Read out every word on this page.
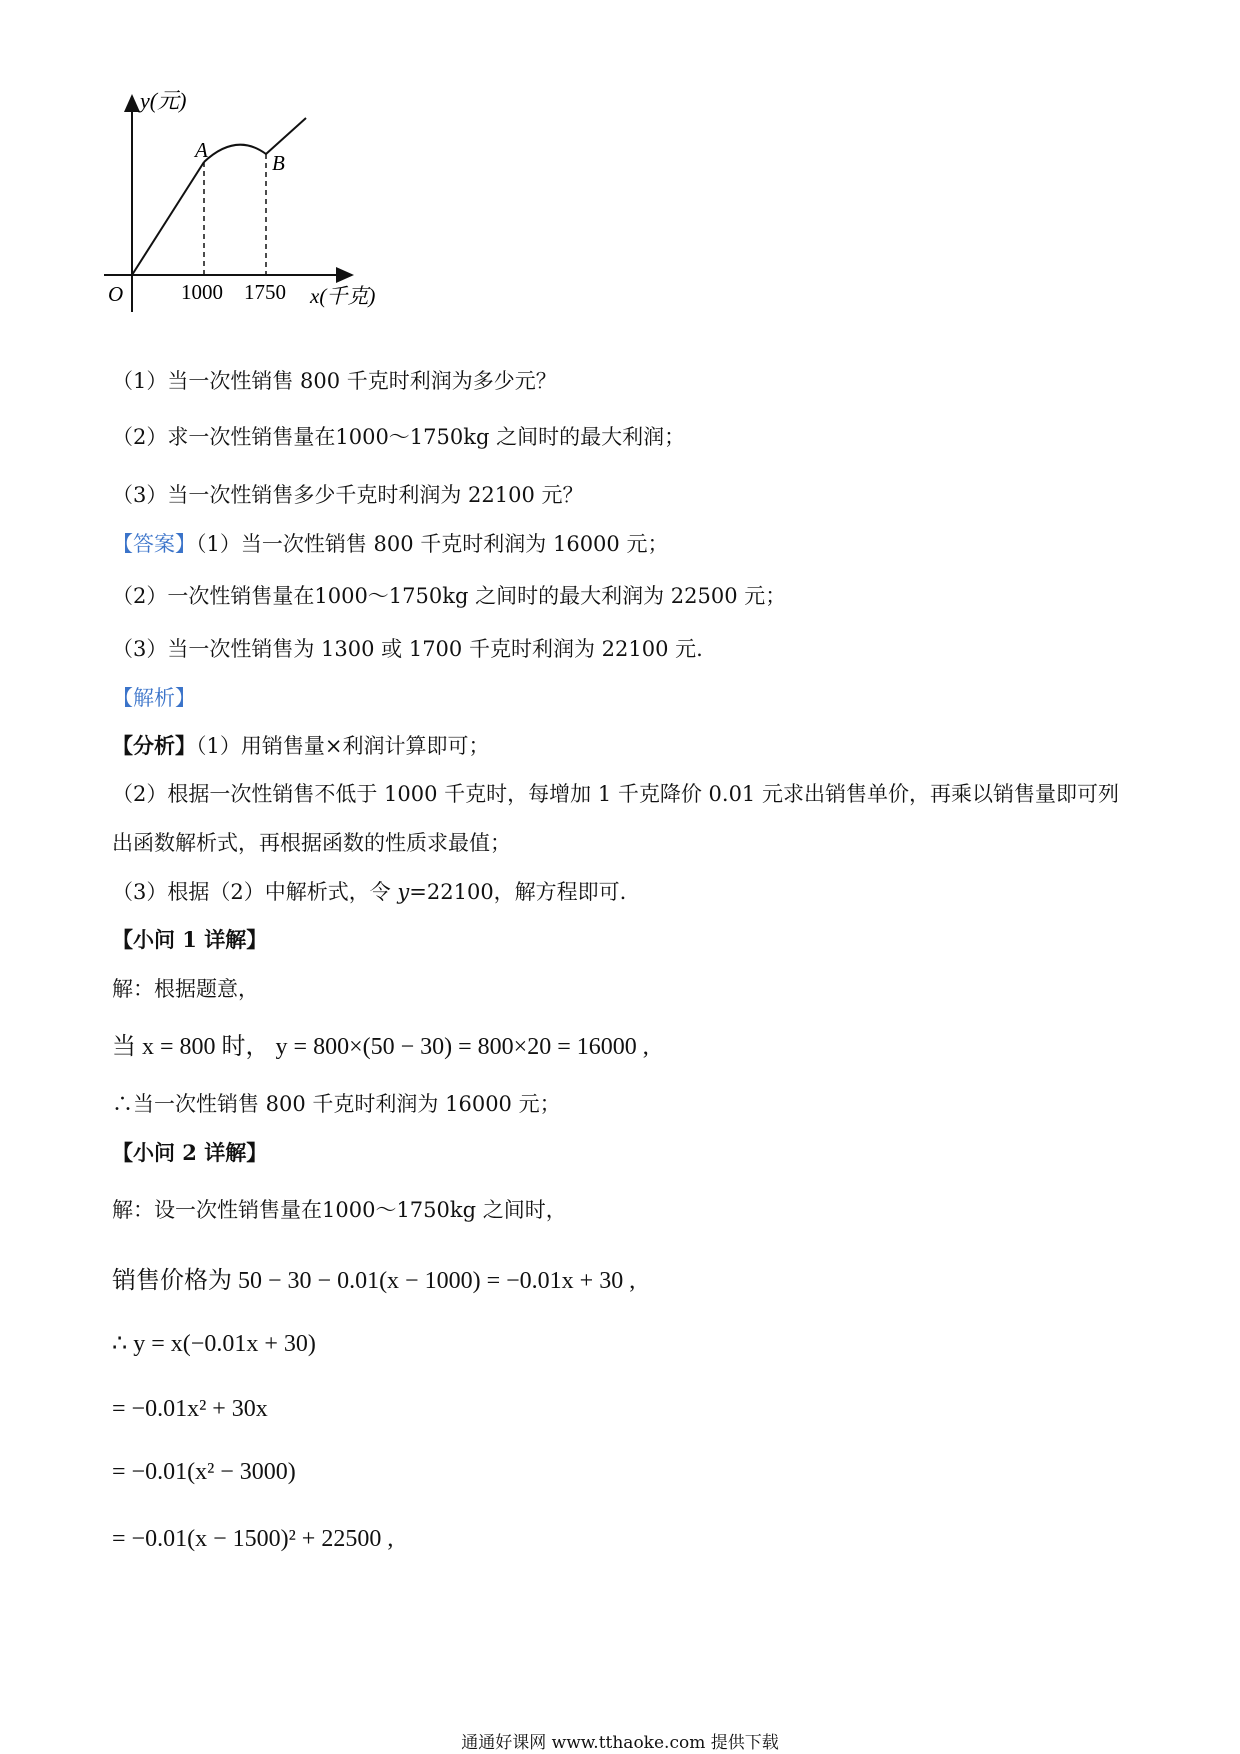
y(元)
A
B
O	1000 1750 x(千克)
（1）当一次性销售 800 千克时利润为多少元？
（2）求一次性销售量在1000～1750kg 之间时的最大利润；
（3）当一次性销售多少千克时利润为 22100 元？
【答案】（1）当一次性销售 800 千克时利润为 16000 元；
（2）一次性销售量在1000～1750kg 之间时的最大利润为 22500 元；
（3）当一次性销售为 1300 或 1700 千克时利润为 22100 元.
【解析】
【分析】（1）用销售量×利润计算即可；
（2）根据一次性销售不低于 1000 千克时，每增加 1 千克降价 0.01 元求出销售单价，再乘以销售量即可列
出函数解析式，再根据函数的性质求最值；
（3）根据（2）中解析式，令 y=22100，解方程即可.
【小问 1 详解】
解：根据题意，
当 x = 800 时， y = 800×(50 − 30) = 800×20 = 16000 ,
∴当一次性销售 800 千克时利润为 16000 元；
【小问 2 详解】
解：设一次性销售量在1000～1750kg 之间时，
销售价格为 50 − 30 − 0.01(x − 1000) = −0.01x + 30 ,
∴ y = x(−0.01x + 30)
= −0.01x² + 30x
= −0.01(x² − 3000)
= −0.01(x − 1500)² + 22500 ,
通通好课网 www.tthaoke.com 提供下载
